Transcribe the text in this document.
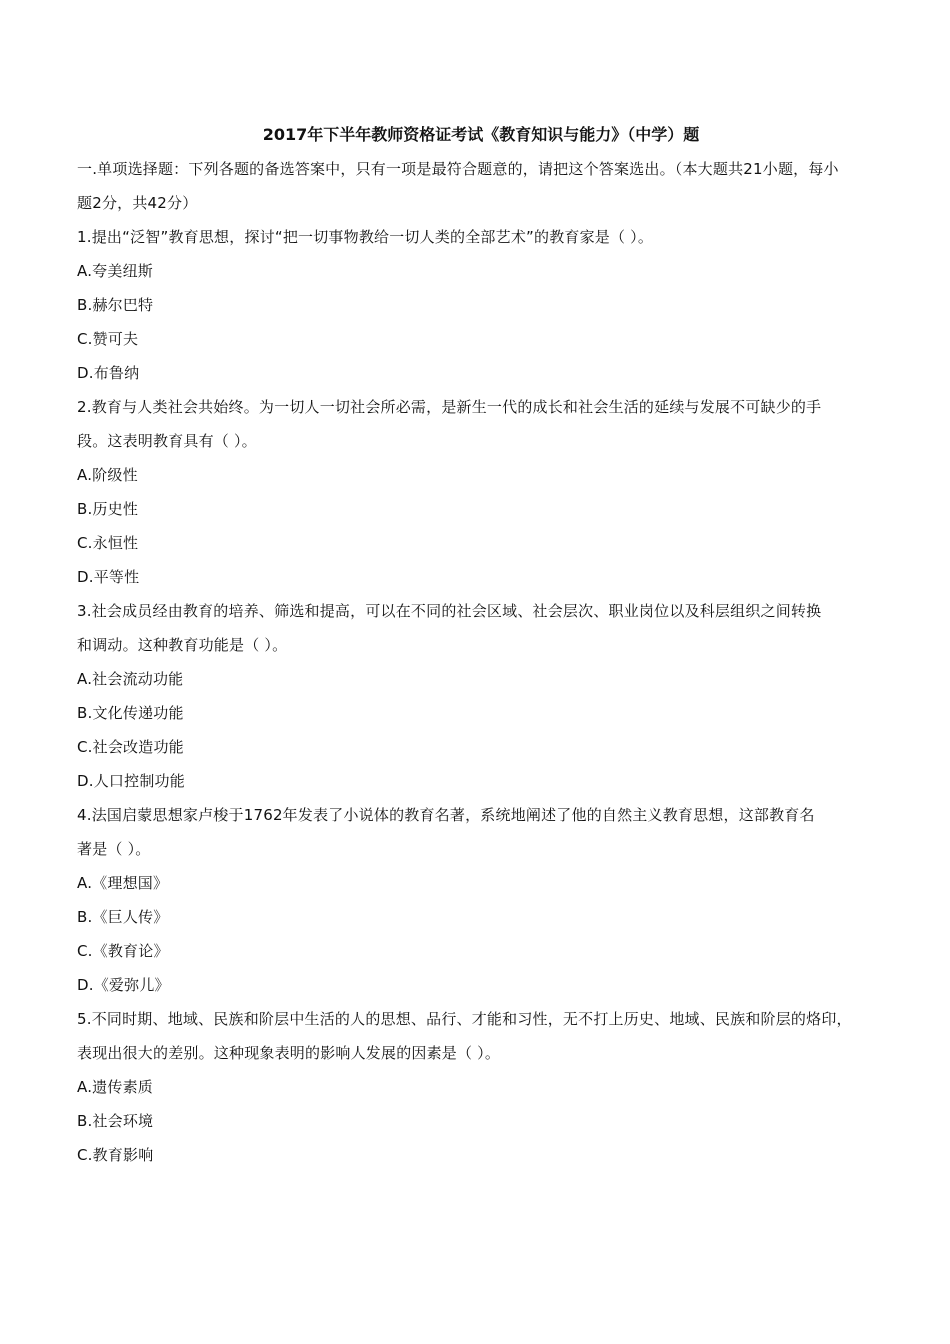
2017年下半年教师资格证考试《教育知识与能力》（中学）题

一.单项选择题：下列各题的备选答案中，只有一项是最符合题意的，请把这个答案选出。（本大题共21小题，每小

题2分，共42分）

1.提出“泛智”教育思想，探讨“把一切事物教给一切人类的全部艺术”的教育家是（ ）。

A.夸美纽斯

B.赫尔巴特

C.赞可夫

D.布鲁纳

2.教育与人类社会共始终。为一切人一切社会所必需，是新生一代的成长和社会生活的延续与发展不可缺少的手

段。这表明教育具有（ ）。

A.阶级性

B.历史性

C.永恒性

D.平等性

3.社会成员经由教育的培养、筛选和提高，可以在不同的社会区域、社会层次、职业岗位以及科层组织之间转换

和调动。这种教育功能是（ ）。

A.社会流动功能

B.文化传递功能

C.社会改造功能

D.人口控制功能

4.法国启蒙思想家卢梭于1762年发表了小说体的教育名著，系统地阐述了他的自然主义教育思想，这部教育名

著是（ ）。

A.《理想国》

B.《巨人传》

C.《教育论》

D.《爱弥儿》

5.不同时期、地域、民族和阶层中生活的人的思想、品行、才能和习性，无不打上历史、地域、民族和阶层的烙印，

表现出很大的差别。这种现象表明的影响人发展的因素是（ ）。

A.遗传素质

B.社会环境

C.教育影响
